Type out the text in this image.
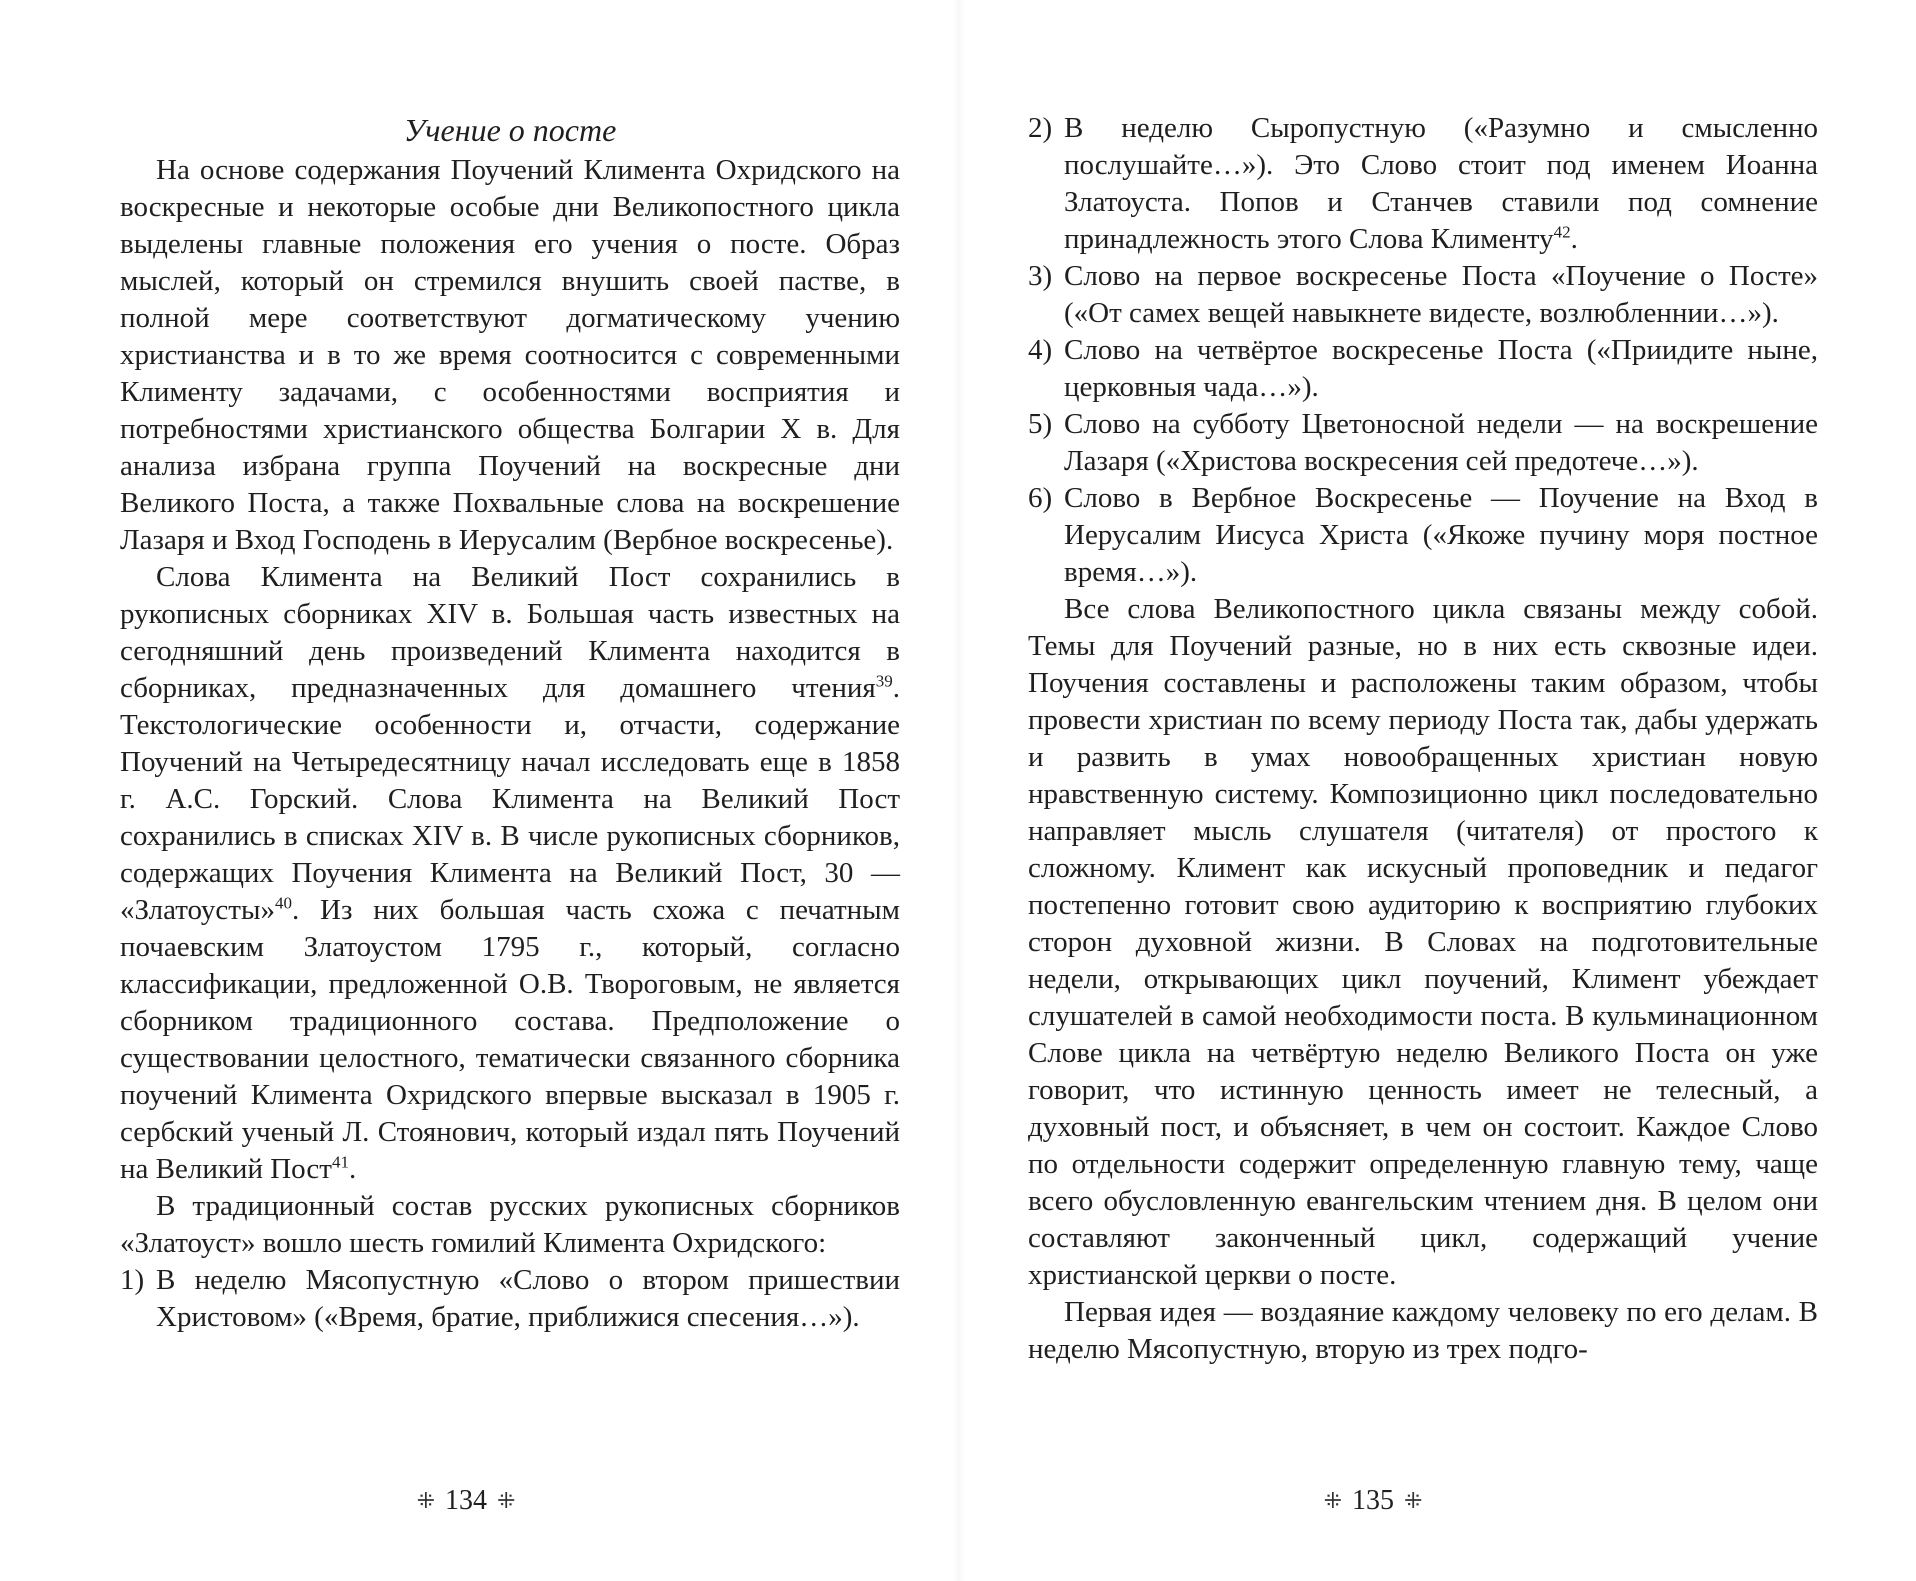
Учение о посте

На основе содержания Поучений Климента Охридского на воскресные и некоторые особые дни Великопостного цикла выделены главные положения его учения о посте. Образ мыслей, который он стремился внушить своей пастве, в полной мере соответствуют догматическому учению христианства и в то же время соотносится с современными Клименту задачами, с особенностями восприятия и потребностями христианского общества Болгарии X в. Для анализа избрана группа Поучений на воскресные дни Великого Поста, а также Похвальные слова на воскрешение Лазаря и Вход Господень в Иерусалим (Вербное воскресенье).

Слова Климента на Великий Пост сохранились в рукописных сборниках XIV в. Большая часть известных на сегодняшний день произведений Климента находится в сборниках, предназначенных для домашнего чтения$^{39}$. Текстологические особенности и, отчасти, содержание Поучений на Четыредесятницу начал исследовать еще в 1858 г. А.С. Горский. Слова Климента на Великий Пост сохранились в списках XIV в. В числе рукописных сборников, содержащих Поучения Климента на Великий Пост, 30 — «Златоусты»$^{40}$. Из них большая часть схожа с печатным почаевским Златоустом 1795 г., который, согласно классификации, предложенной О.В. Твороговым, не является сборником традиционного состава. Предположение о существовании целостного, тематически связанного сборника поучений Климента Охридского впервые высказал в 1905 г. сербский ученый Л. Стоянович, который издал пять Поучений на Великий Пост$^{41}$.

В традиционный состав русских рукописных сборников «Златоуст» вошло шесть гомилий Климента Охридского:

1) В неделю Мясопустную «Слово о втором пришествии Христовом» («Время, братие, приближися спесения…»).
⁜ 134 ⁜
2) В неделю Сыропустную («Разумно и смысленно послушайте…»). Это Слово стоит под именем Иоанна Златоуста. Попов и Станчев ставили под сомнение принадлежность этого Слова Клименту$^{42}$.
3) Слово на первое воскресенье Поста «Поучение о Посте» («От самех вещей навыкнете видесте, возлюбленнии…»).
4) Слово на четвёртое воскресенье Поста («Приидите ныне, церковныя чада…»).
5) Слово на субботу Цветоносной недели — на воскрешение Лазаря («Христова воскресения сей предотече…»).
6) Слово в Вербное Воскресенье — Поучение на Вход в Иерусалим Иисуса Христа («Якоже пучину моря постное время…»).

Все слова Великопостного цикла связаны между собой. Темы для Поучений разные, но в них есть сквозные идеи. Поучения составлены и расположены таким образом, чтобы провести христиан по всему периоду Поста так, дабы удержать и развить в умах новообращенных христиан новую нравственную систему. Композиционно цикл последовательно направляет мысль слушателя (читателя) от простого к сложному. Климент как искусный проповедник и педагог постепенно готовит свою аудиторию к восприятию глубоких сторон духовной жизни. В Словах на подготовительные недели, открывающих цикл поучений, Климент убеждает слушателей в самой необходимости поста. В кульминационном Слове цикла на четвёртую неделю Великого Поста он уже говорит, что истинную ценность имеет не телесный, а духовный пост, и объясняет, в чем он состоит. Каждое Слово по отдельности содержит определенную главную тему, чаще всего обусловленную евангельским чтением дня. В целом они составляют законченный цикл, содержащий учение христианской церкви о посте.

Первая идея — воздаяние каждому человеку по его делам. В неделю Мясопустную, вторую из трех подго-

⁜ 135 ⁜
